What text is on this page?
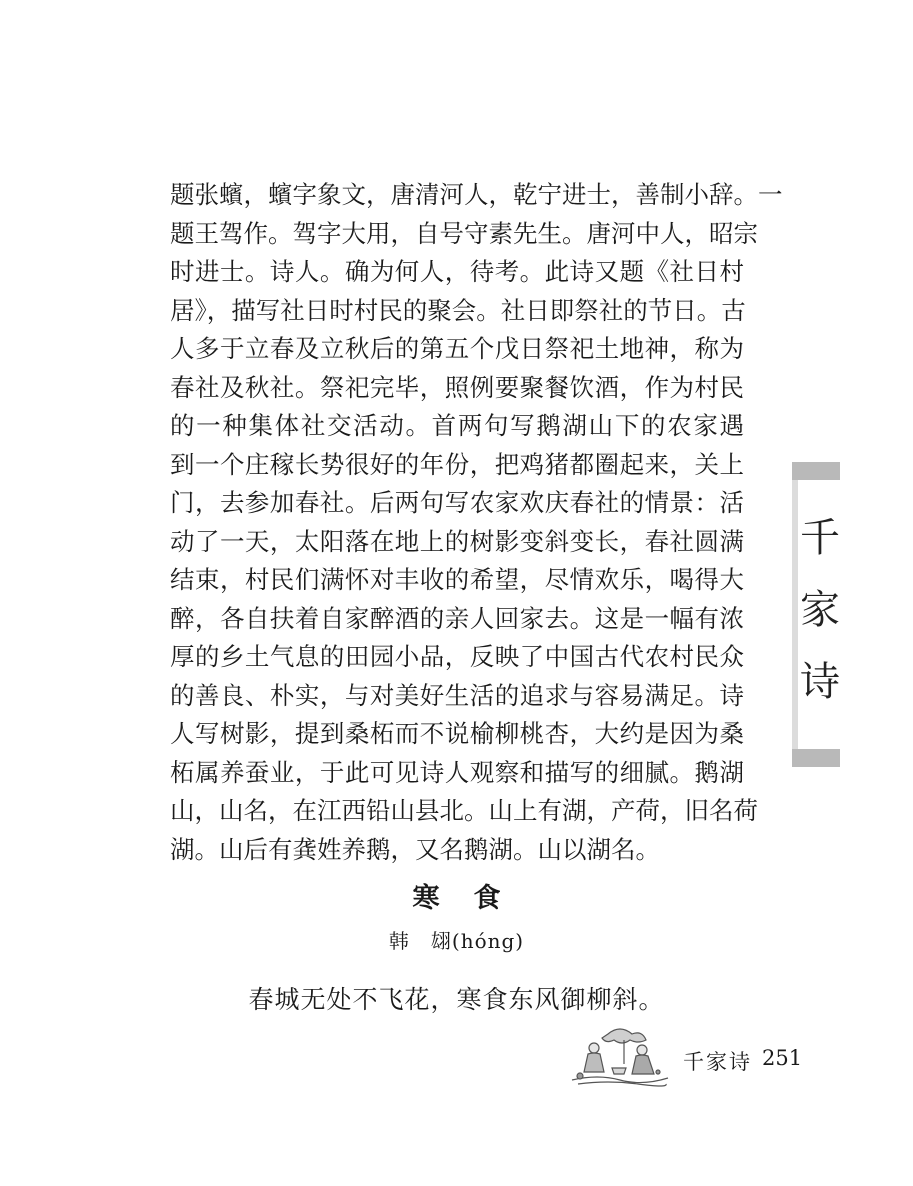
题张蠙，蠙字象文，唐清河人，乾宁进士，善制小辞。一
题王驾作。驾字大用，自号守素先生。唐河中人，昭宗
时进士。诗人。确为何人，待考。此诗又题《社日村
居》，描写社日时村民的聚会。社日即祭社的节日。古
人多于立春及立秋后的第五个戊日祭祀土地神，称为
春社及秋社。祭祀完毕，照例要聚餐饮酒，作为村民
的一种集体社交活动。首两句写鹅湖山下的农家遇
到一个庄稼长势很好的年份，把鸡猪都圈起来，关上
门，去参加春社。后两句写农家欢庆春社的情景：活
动了一天，太阳落在地上的树影变斜变长，春社圆满
结束，村民们满怀对丰收的希望，尽情欢乐，喝得大
醉，各自扶着自家醉酒的亲人回家去。这是一幅有浓
厚的乡土气息的田园小品，反映了中国古代农村民众
的善良、朴实，与对美好生活的追求与容易满足。诗
人写树影，提到桑柘而不说榆柳桃杏，大约是因为桑
柘属养蚕业，于此可见诗人观察和描写的细腻。鹅湖
山，山名，在江西铅山县北。山上有湖，产荷，旧名荷
湖。山后有龚姓养鹅，又名鹅湖。山以湖名。
千
家
诗
寒食
韩　翃(hóng)
春城无处不飞花，寒食东风御柳斜。
千家诗 251
